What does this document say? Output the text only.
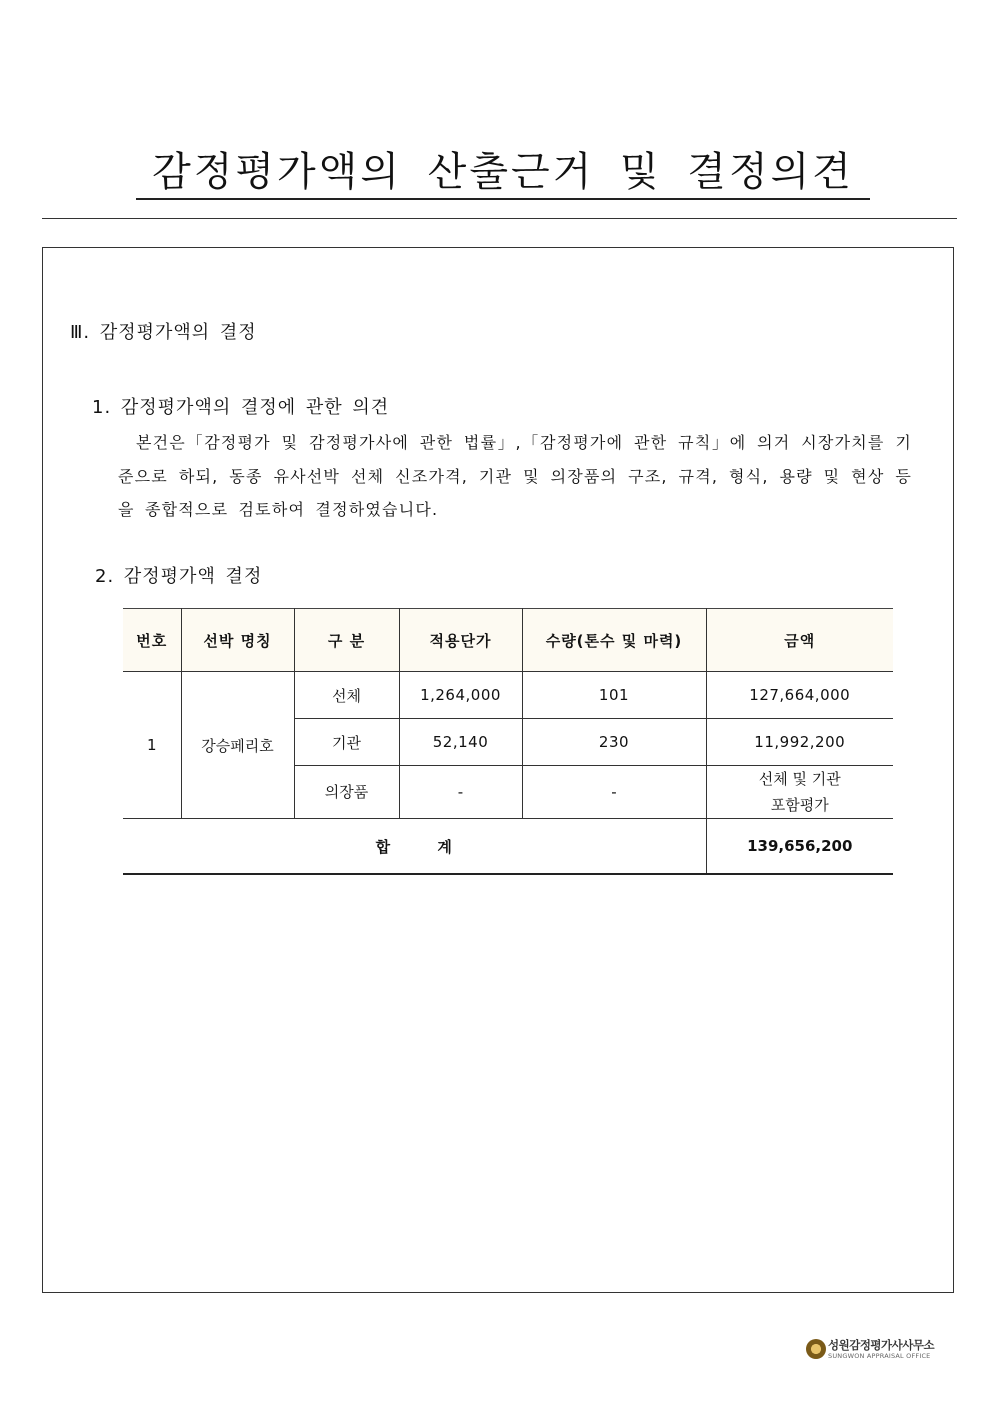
감정평가액의 산출근거 및 결정의견
Ⅲ. 감정평가액의 결정
1. 감정평가액의 결정에 관한 의견

본건은「감정평가 및 감정평가사에 관한 법률」,「감정평가에 관한 규칙」에 의거 시장가치를 기준으로 하되, 동종 유사선박 선체 신조가격, 기관 및 의장품의 구조, 규격, 형식, 용량 및 현상 등을 종합적으로 검토하여 결정하였습니다.

2. 감정평가액 결정
번호	선박 명칭	구 분	적용단가	수량(톤수 및 마력)	금액
1	강승페리호	선체	1,264,000	101	127,664,000
		기관	52,140	230	11,992,200
		의장품	-	-	선체 및 기관
포함평가
합 계					139,656,200
성원감정평가사사무소
SUNGWON APPRAISAL OFFICE
